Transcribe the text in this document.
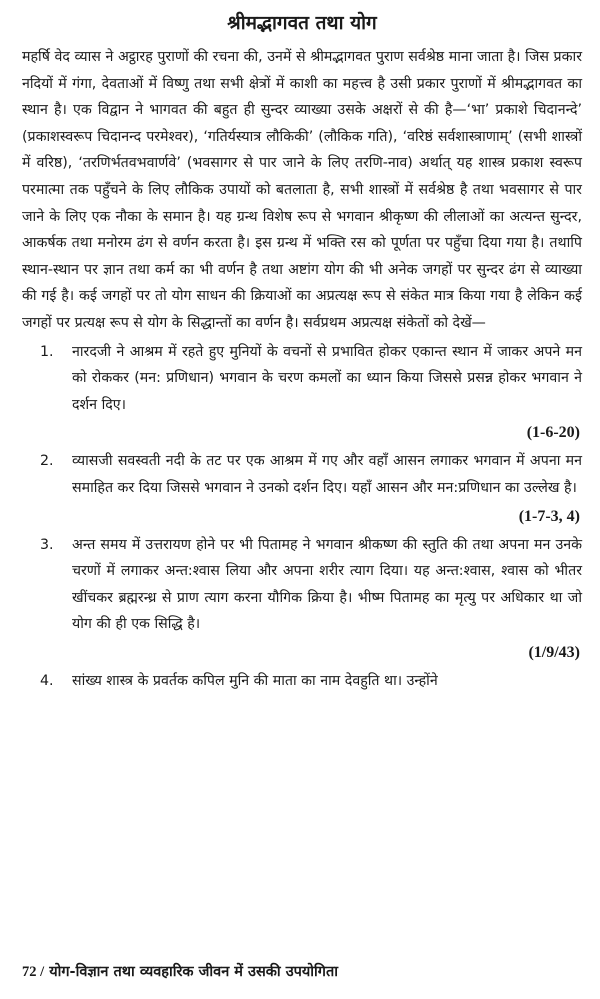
श्रीमद्भागवत तथा योग

महर्षि वेद व्यास ने अट्ठारह पुराणों की रचना की, उनमें से श्रीमद्भागवत पुराण सर्वश्रेष्ठ माना जाता है। जिस प्रकार नदियों में गंगा, देवताओं में विष्णु तथा सभी क्षेत्रों में काशी का महत्त्व है उसी प्रकार पुराणों में श्रीमद्भागवत का स्थान है। एक विद्वान ने भागवत की बहुत ही सुन्दर व्याख्या उसके अक्षरों से की है—‘भा’ प्रकाशे चिदानन्दे’ (प्रकाशस्वरूप चिदानन्द परमेश्वर), ‘गतिर्यस्यात्र लौकिकी’ (लौकिक गति), ‘वरिष्ठं सर्वशास्त्राणाम्’ (सभी शास्त्रों में वरिष्ठ), ‘तरणिर्भतवभवार्णवे’ (भवसागर से पार जाने के लिए तरणि-नाव) अर्थात् यह शास्त्र प्रकाश स्वरूप परमात्मा तक पहुँचने के लिए लौकिक उपायों को बतलाता है, सभी शास्त्रों में सर्वश्रेष्ठ है तथा भवसागर से पार जाने के लिए एक नौका के समान है। यह ग्रन्थ विशेष रूप से भगवान श्रीकृष्ण की लीलाओं का अत्यन्त सुन्दर, आकर्षक तथा मनोरम ढंग से वर्णन करता है। इस ग्रन्थ में भक्ति रस को पूर्णता पर पहुँचा दिया गया है। तथापि स्थान-स्थान पर ज्ञान तथा कर्म का भी वर्णन है तथा अष्टांग योग की भी अनेक जगहों पर सुन्दर ढंग से व्याख्या की गई है। कई जगहों पर तो योग साधन की क्रियाओं का अप्रत्यक्ष रूप से संकेत मात्र किया गया है लेकिन कई जगहों पर प्रत्यक्ष रूप से योग के सिद्धान्तों का वर्णन है। सर्वप्रथम अप्रत्यक्ष संकेतों को देखें—

1. नारदजी ने आश्रम में रहते हुए मुनियों के वचनों से प्रभावित होकर एकान्त स्थान में जाकर अपने मन को रोककर (मन: प्रणिधान) भगवान के चरण कमलों का ध्यान किया जिससे प्रसन्न होकर भगवान ने दर्शन दिए।
(1-6-20)
2. व्यासजी सवस्वती नदी के तट पर एक आश्रम में गए और वहाँ आसन लगाकर भगवान में अपना मन समाहित कर दिया जिससे भगवान ने उनको दर्शन दिए। यहाँ आसन और मन:प्रणिधान का उल्लेख है।
(1-7-3, 4)
3. अन्त समय में उत्तरायण होने पर भी पितामह ने भगवान श्रीकष्ण की स्तुति की तथा अपना मन उनके चरणों में लगाकर अन्त:श्वास लिया और अपना शरीर त्याग दिया। यह अन्त:श्वास, श्वास को भीतर खींचकर ब्रह्मरन्ध्र से प्राण त्याग करना यौगिक क्रिया है। भीष्म पितामह का मृत्यु पर अधिकार था जो योग की ही एक सिद्धि है।
(1/9/43)
4. सांख्य शास्त्र के प्रवर्तक कपिल मुनि की माता का नाम देवहुति था। उन्होंने
72 / योग-विज्ञान तथा व्यवहारिक जीवन में उसकी उपयोगिता
